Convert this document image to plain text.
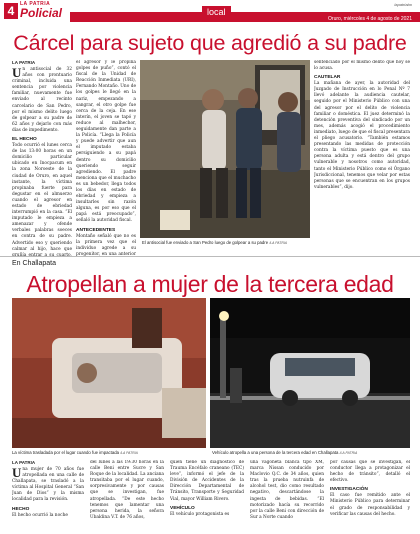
4	LA PATRIA
Policial	local
lapatriabo
Oruro, miércoles 4 de agosto de 2021
Cárcel para sujeto que agredió a su padre
LA PATRIA

Un antisocial de 32 años con prontuario criminal, incluida una sentencia por violencia familiar, nuevamente fue enviado al recinto carcelario de San Pedro, por el mismo delito luego de golpear a su padre de 62 años y dejarlo con más días de impedimento.

EL HECHO

Todo ocurrió el lunes cerca de las 13:00 horas en un domicilio particular ubicado en Inocpacum en la zona Noroeste de la ciudad de Oruro, en aquel instante, la víctima propinaba fuerte para degustar en el almuerzo cuando el agresor en estado de ebriedad interrumpió en la casa. “El imputado le empieza a amenazar y ofende verbales palabras soeces en contra de su padre. Advertido eso y queriendo calmar al hijo, hace que gruñía entrar a su cuarto,

el agresor y le propina golpes de puño”, contó el fiscal de la Unidad de Reacción Inmediata (URI), Fernando Montaño. Uno de los golpes le llegó en la nariz, empezando a sangrar, el otro golpe fue cerca de la ceja. En ese interín, el joven se tapó y reduce al malhechor, seguidamente dan parte a la Policía. “Llega la Policía y puede advertir que aun el imputado estaba persiguiendo a su papá dentro su domicilio queriendo seguir agrediendo. El padre menciona que el muchacho es un bebedor, llega todos los días en estado de ebriedad y empieza a insultarles sin razón alguna, es por eso que el papá está preocupado”, señaló la autoridad fiscal.

ANTECEDENTES

Montaño señaló que no es la primera vez que el individuo agrede a su progenitor, en una anterior

El antisocial fue enviado a San Pedro luego de golpear a su padre /LA PATRIA

sentenciado por el mismo delito que hoy se lo acusa.

CAUTELAR

La mañana de ayer, la autoridad del Juzgado de Instrucción en lo Penal Nº 7 llevó adelante la audiencia cautelar, seguido por el Ministerio Público con una del agresor por el delito de violencia familiar o doméstica. El juez determinó la detención preventiva del sindicado por un mes, además acogió el procedimiento inmediato, luego de que el fiscal presentara el pliego acusatorio. “También estamos presentando las medidas de protección contra la víctima puesto que es una persona adulta y está dentro del grupo vulnerable y nosotros como autoridad, tanto el Ministerio Público como el Órgano Jurisdiccional, tenemos que velar por estas personas que se encuentran en los grupos vulnerables”, dijo.

En Challapata
Atropellan a mujer de la tercera edad
La víctima trasladada por el lugar cuando fue impactada /LA PATRIA	Vehículo atropella a una persona de la tercera edad en Challapata /LA PATRIA
LA PATRIA

Una mujer de 70 años fue atropellada en una calle de Challapata, se trasladó a la víctima al Hospital General “San Juan de Dios” y la misma localidad para la revisión.

HECHO

El hecho ocurrió la noche

del lunes a las 19:30 horas en la calle Beni entre Sucre y San Roque de la localidad. La anciana transitaba por el lugar cuando, sorpresivamente y por causas que se investigan, fue atropellada. “De este hecho tenemos que lamentar una persona herida, la señora Ubaldina V.T. de 76 años,

quien tiene un diagnóstico de Trauma Encéfalo craneano (TEC) leve”, informó el jefe de la División de Accidentes de la Dirección Departamental de Tránsito, Transporte y Seguridad Vial, mayor William Rivero.

VEHÍCULO

El vehículo protagonista es

una vagoneta blanca tipo XM, marca Nissan conducido por Maclovio Q.C. de 34 años, quien tras la prueba nutruinfa de alcohol test, dio como resultado negativo, descartándose la ingesta de bebidas. “El motorizado hacía su recorrido por la calle Beni con dirección de Sur a Norte cuando

por causas que se investigan, el conductor llega a protagonizar el hecho de tránsito”, detalló el efectivo.

INVESTIGACIÓN

El caso fue remitido ante el Ministerio Público para determinar el grado de responsabilidad y verificar las causas del hecho.
